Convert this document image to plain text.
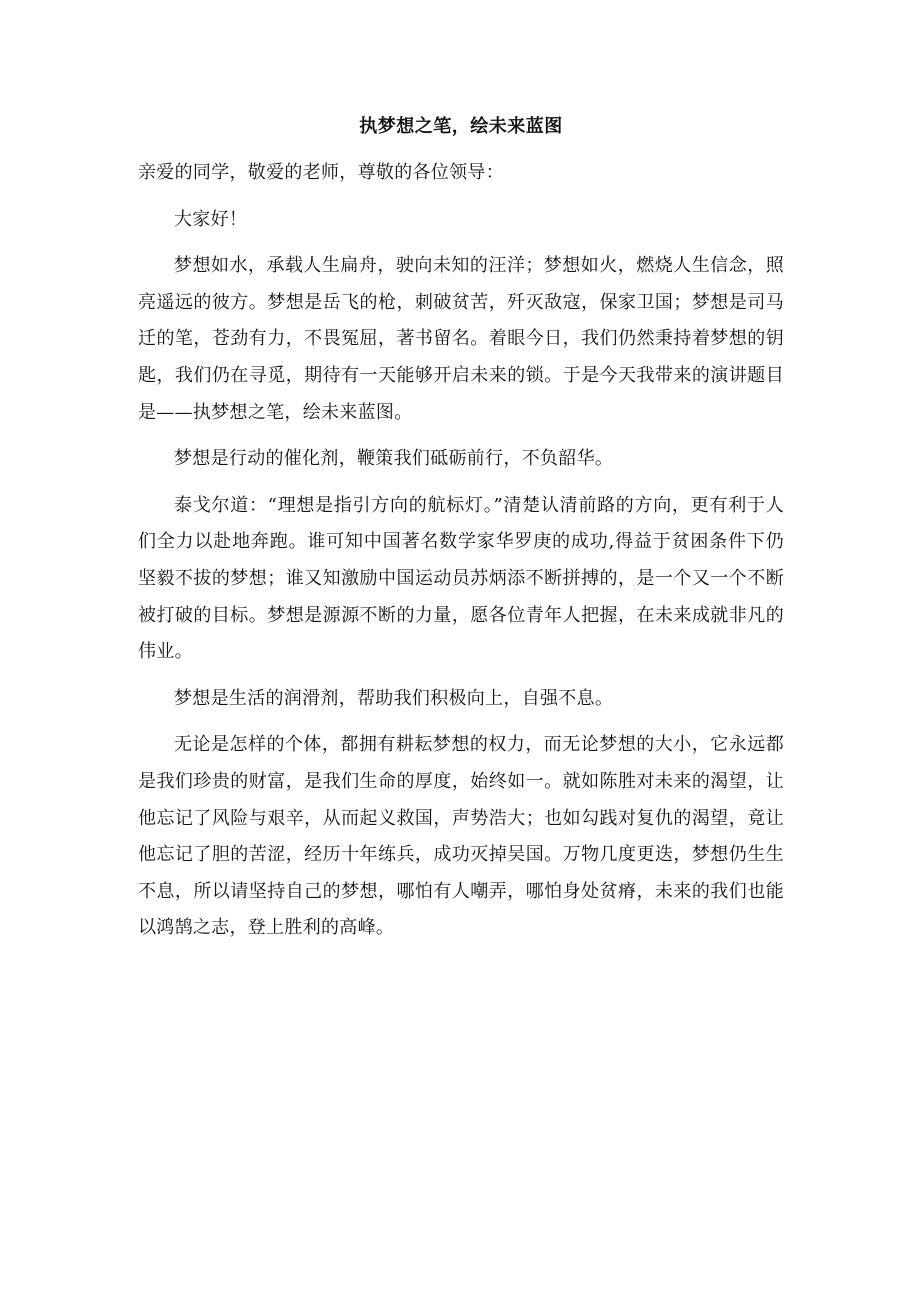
执梦想之笔，绘未来蓝图

亲爱的同学，敬爱的老师，尊敬的各位领导：

大家好！

梦想如水，承载人生扁舟，驶向未知的汪洋；梦想如火，燃烧人生信念，照亮遥远的彼方。梦想是岳飞的枪，刺破贫苦，歼灭敌寇，保家卫国；梦想是司马迁的笔，苍劲有力，不畏冤屈，著书留名。着眼今日，我们仍然秉持着梦想的钥匙，我们仍在寻觅，期待有一天能够开启未来的锁。于是今天我带来的演讲题目是——执梦想之笔，绘未来蓝图。

梦想是行动的催化剂，鞭策我们砥砺前行，不负韶华。

泰戈尔道：“理想是指引方向的航标灯。”清楚认清前路的方向，更有利于人们全力以赴地奔跑。谁可知中国著名数学家华罗庚的成功,得益于贫困条件下仍坚毅不拔的梦想；谁又知激励中国运动员苏炳添不断拼搏的，是一个又一个不断被打破的目标。梦想是源源不断的力量，愿各位青年人把握，在未来成就非凡的伟业。

梦想是生活的润滑剂，帮助我们积极向上，自强不息。

无论是怎样的个体，都拥有耕耘梦想的权力，而无论梦想的大小，它永远都是我们珍贵的财富，是我们生命的厚度，始终如一。就如陈胜对未来的渴望，让他忘记了风险与艰辛，从而起义救国，声势浩大；也如勾践对复仇的渴望，竟让他忘记了胆的苦涩，经历十年练兵，成功灭掉吴国。万物几度更迭，梦想仍生生不息，所以请坚持自己的梦想，哪怕有人嘲弄，哪怕身处贫瘠，未来的我们也能以鸿鹄之志，登上胜利的高峰。
